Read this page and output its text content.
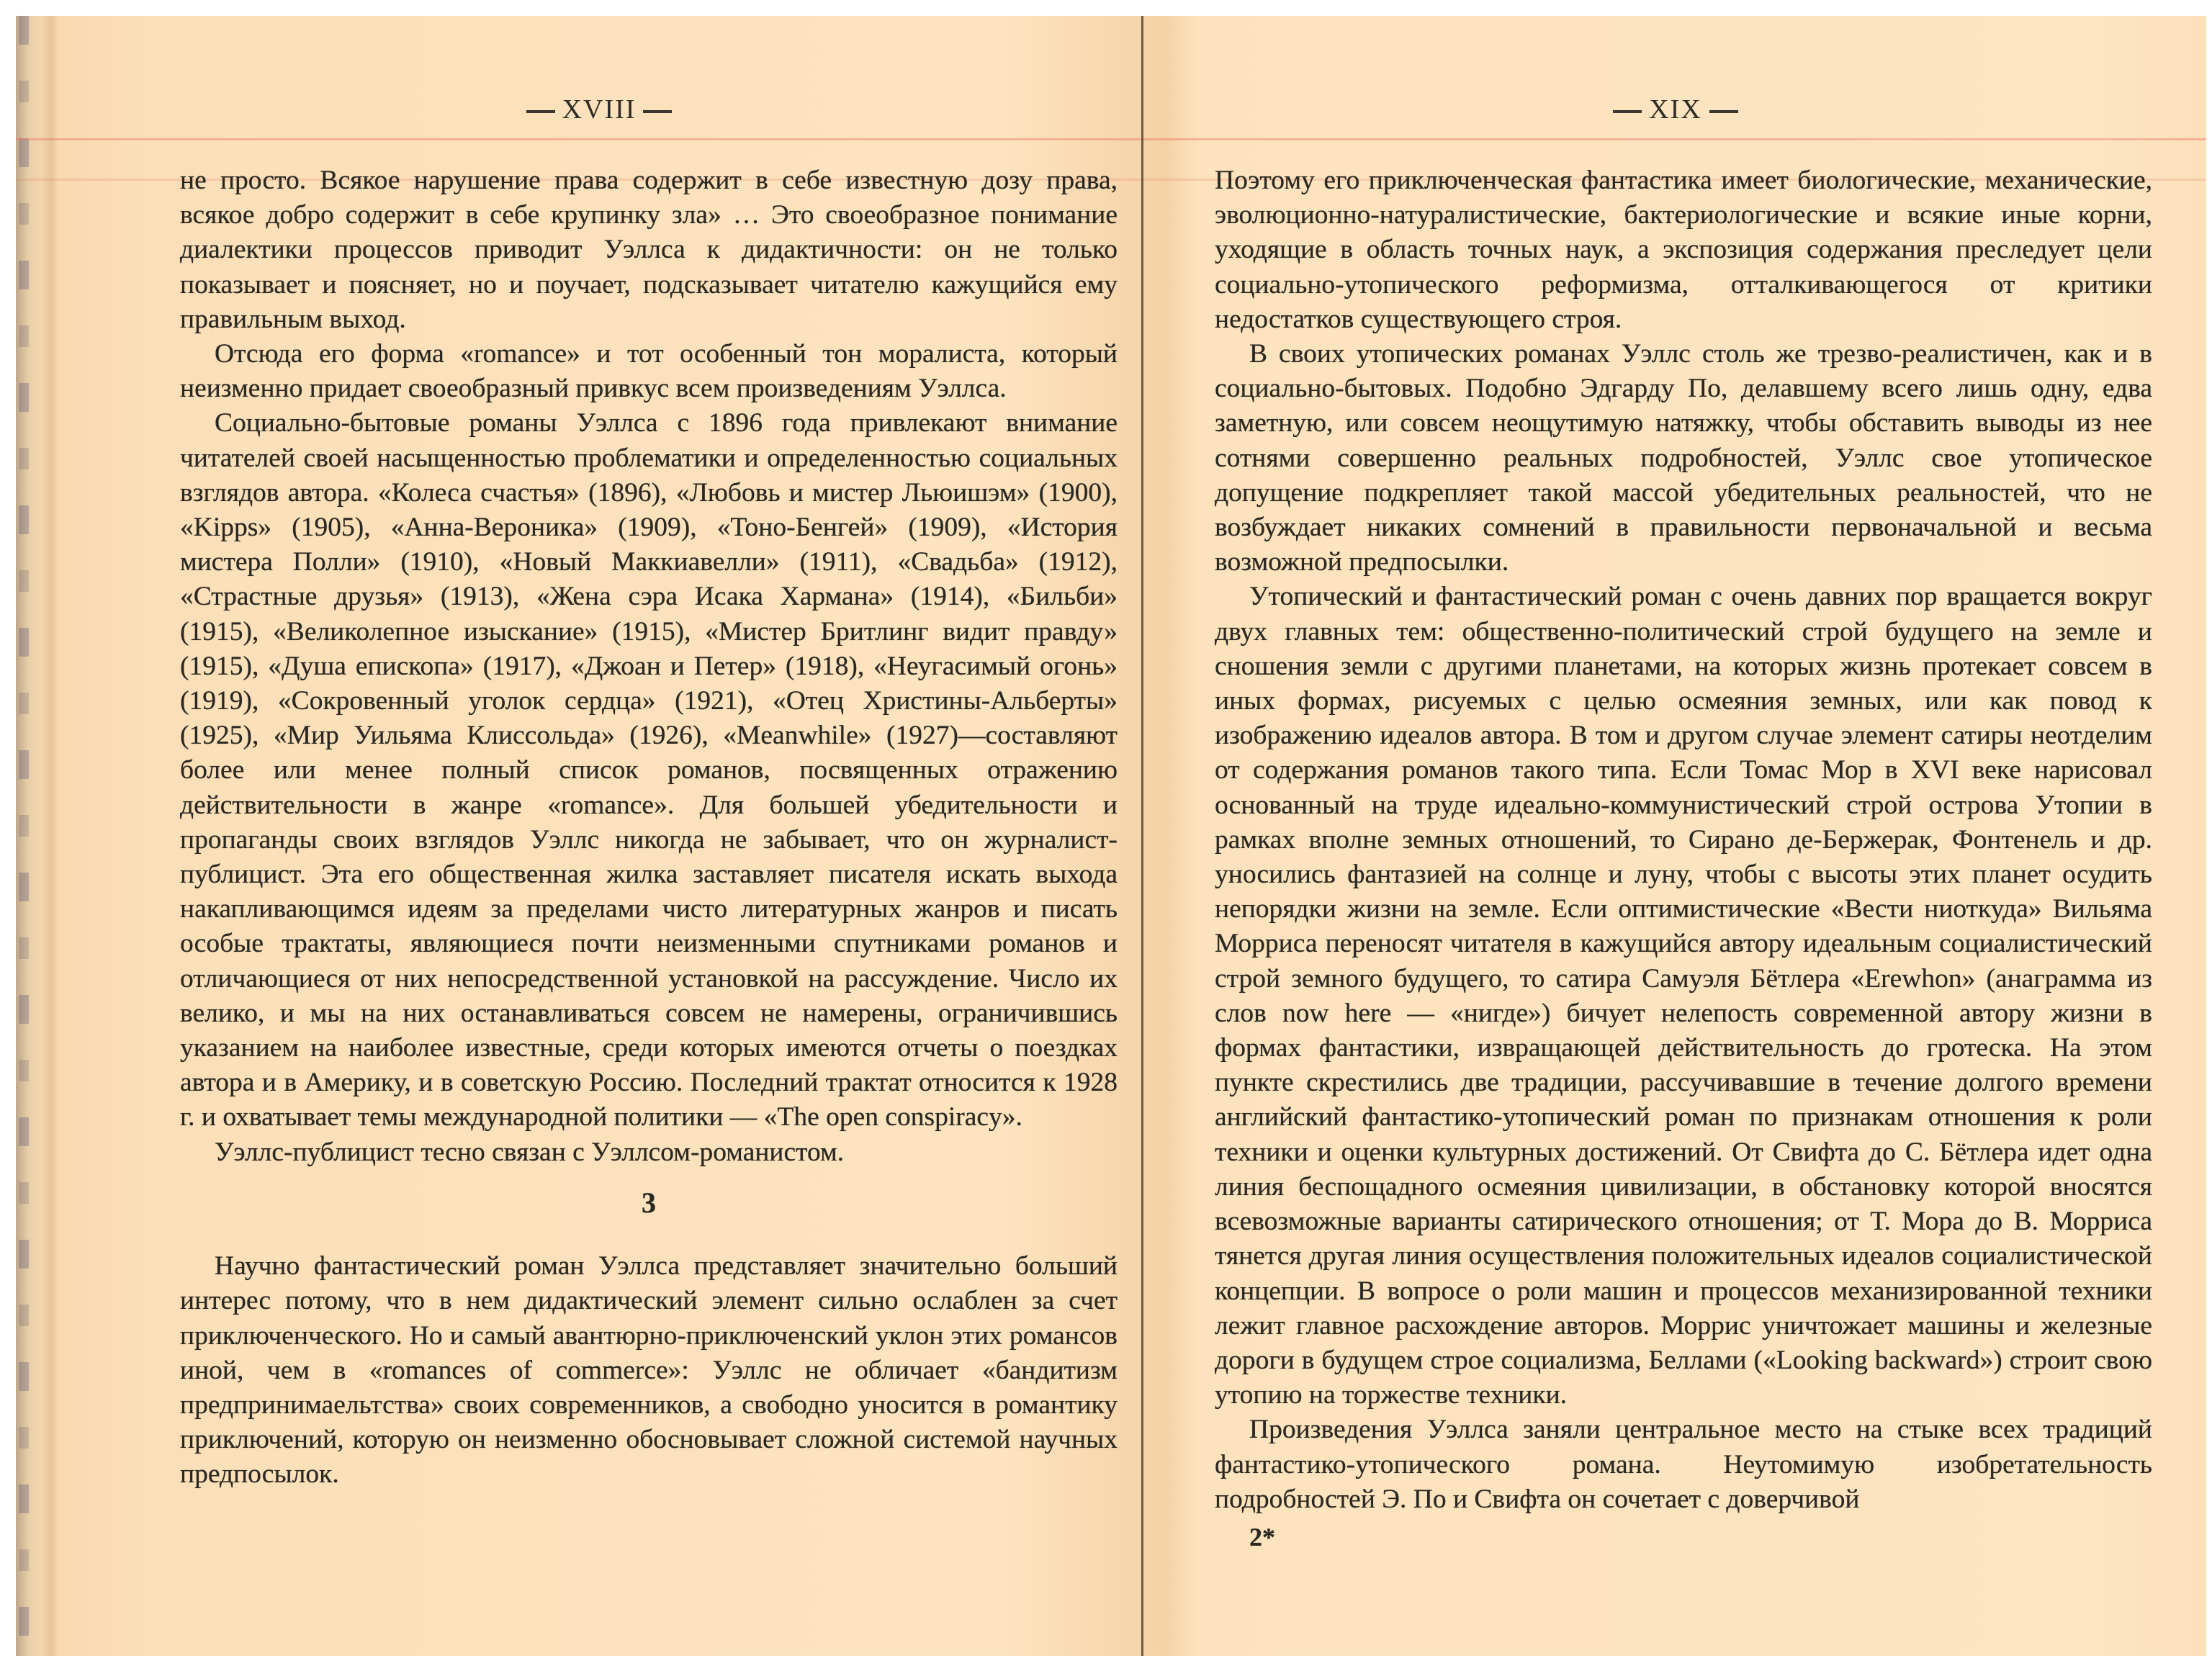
XVIII

не просто. Всякое нарушение права содержит в себе известную дозу права, всякое добро содержит в себе крупинку зла» … Это своеобразное понимание диалектики процессов приводит Уэллса к дидактичности: он не только показывает и поясняет, но и поучает, подсказывает читателю кажущийся ему правильным выход.

Отсюда его форма «romance» и тот особенный тон моралиста, который неизменно придает своеобразный привкус всем произведениям Уэллса.

Социально-бытовые романы Уэллса с 1896 года привлекают внимание читателей своей насыщенностью проблематики и определенностью социальных взглядов автора. «Колеса счастья» (1896), «Любовь и мистер Льюишэм» (1900), «Kipps» (1905), «Анна-Вероника» (1909), «Тоно-Бенгей» (1909), «История мистера Полли» (1910), «Новый Маккиавелли» (1911), «Свадьба» (1912), «Страстные друзья» (1913), «Жена сэра Исака Хармана» (1914), «Бильби» (1915), «Великолепное изыскание» (1915), «Мистер Бритлинг видит правду» (1915), «Душа епископа» (1917), «Джоан и Петер» (1918), «Неугасимый огонь» (1919), «Сокровенный уголок сердца» (1921), «Отец Христины-Альберты» (1925), «Мир Уильяма Клиссольда» (1926), «Meanwhile» (1927)—составляют более или менее полный список романов, посвященных отражению действительности в жанре «romance». Для большей убедительности и пропаганды своих взглядов Уэллс никогда не забывает, что он журналист-публицист. Эта его общественная жилка заставляет писателя искать выхода накапливающимся идеям за пределами чисто литературных жанров и писать особые трактаты, являющиеся почти неизменными спутниками романов и отличающиеся от них непосредственной установкой на рассуждение. Число их велико, и мы на них останавливаться совсем не намерены, ограничившись указанием на наиболее известные, среди которых имеются отчеты о поездках автора и в Америку, и в советскую Россию. Последний трактат относится к 1928 г. и охватывает темы международной политики — «The open conspiracy».

Уэллс-публицист тесно связан с Уэллсом-романистом.

3

Научно фантастический роман Уэллса представляет значительно больший интерес потому, что в нем дидактический элемент сильно ослаблен за счет приключенческого. Но и самый авантюрно-приключенский уклон этих романсов иной, чем в «romances of commerce»: Уэллс не обличает «бандитизм предпринимаельтства» своих современников, а свободно уносится в романтику приключений, которую он неизменно обосновывает сложной системой научных предпосылок.

XIX

Поэтому его приключенческая фантастика имеет биологические, механические, эволюционно-натуралистические, бактериологические и всякие иные корни, уходящие в область точных наук, а экспозиция содержания преследует цели социально-утопического реформизма, отталкивающегося от критики недостатков существующего строя.

В своих утопических романах Уэллс столь же трезво-реалистичен, как и в социально-бытовых. Подобно Эдгарду По, делавшему всего лишь одну, едва заметную, или совсем неощутимую натяжку, чтобы обставить выводы из нее сотнями совершенно реальных подробностей, Уэллс свое утопическое допущение подкрепляет такой массой убедительных реальностей, что не возбуждает никаких сомнений в правильности первоначальной и весьма возможной предпосылки.

Утопический и фантастический роман с очень давних пор вращается вокруг двух главных тем: общественно-политический строй будущего на земле и сношения земли с другими планетами, на которых жизнь протекает совсем в иных формах, рисуемых с целью осмеяния земных, или как повод к изображению идеалов автора. В том и другом случае элемент сатиры неотделим от содержания романов такого типа. Если Томас Мор в XVI веке нарисовал основанный на труде идеально-коммунистический строй острова Утопии в рамках вполне земных отношений, то Сирано де-Бержерак, Фонтенель и др. уносились фантазией на солнце и луну, чтобы с высоты этих планет осудить непорядки жизни на земле. Если оптимистические «Вести ниоткуда» Вильяма Морриса переносят читателя в кажущийся автору идеальным социалистический строй земного будущего, то сатира Самуэля Бётлера «Erewhon» (анаграмма из слов now here — «нигде») бичует нелепость современной автору жизни в формах фантастики, извращающей действительность до гротеска. На этом пункте скрестились две традиции, рассучивавшие в течение долгого времени английский фантастико-утопический роман по признакам отношения к роли техники и оценки культурных достижений. От Свифта до С. Бётлера идет одна линия беспощадного осмеяния цивилизации, в обстановку которой вносятся всевозможные варианты сатирического отношения; от Т. Мора до В. Морриса тянется другая линия осуществления положительных идеалов социалистической концепции. В вопросе о роли машин и процессов механизированной техники лежит главное расхождение авторов. Моррис уничтожает машины и железные дороги в будущем строе социализма, Беллами («Looking backward») строит свою утопию на торжестве техники.

Произведения Уэллса заняли центральное место на стыке всех традиций фантастико-утопического романа. Неутомимую изобретательность подробностей Э. По и Свифта он сочетает с доверчивой

2*
